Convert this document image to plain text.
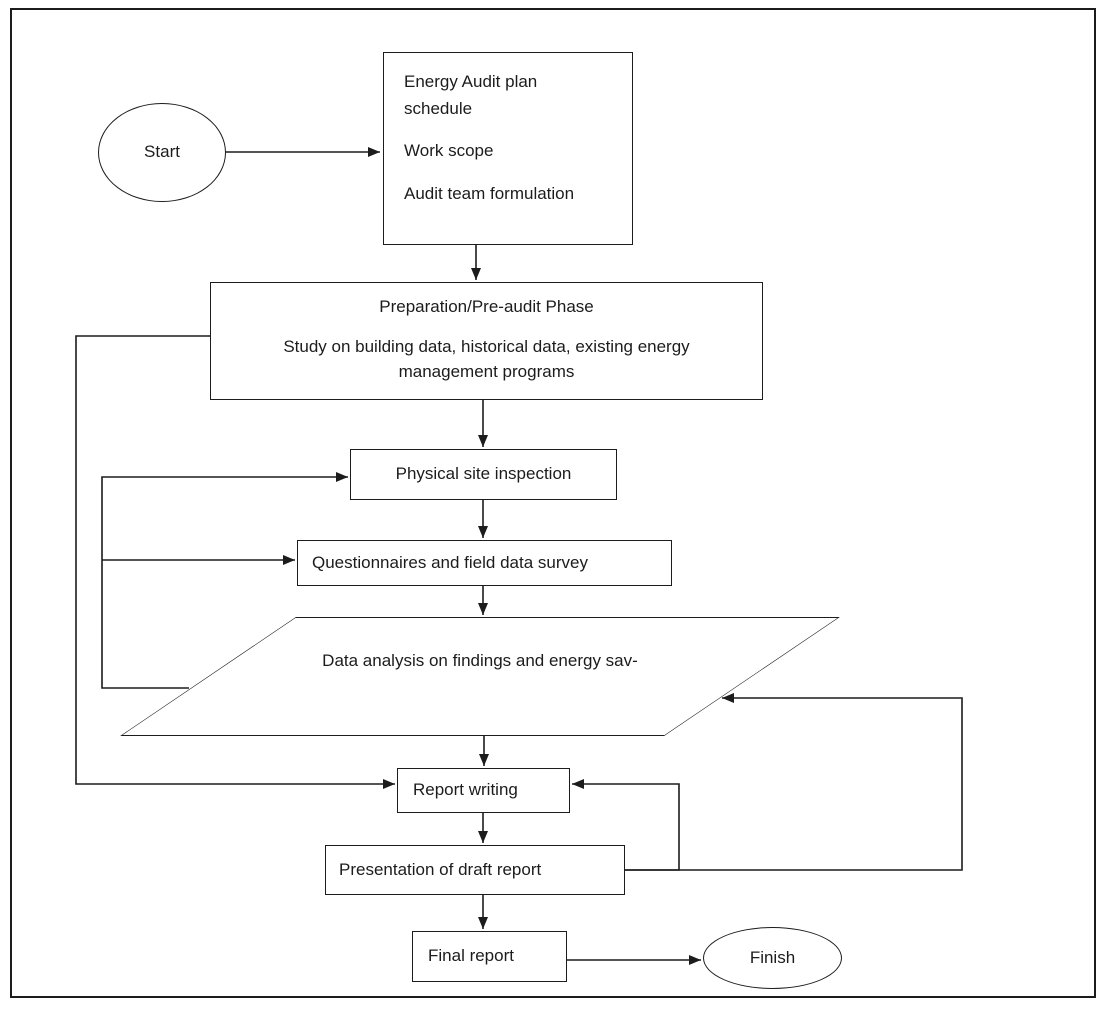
Start

Energy Audit plan schedule

Work scope

Audit team formulation

Preparation/Pre-audit Phase

Study on building data, historical data, existing energy management programs

Physical site inspection
Questionnaires and field data survey
Data analysis on findings and energy sav-
Report writing
Presentation of draft report
Final report	Finish
